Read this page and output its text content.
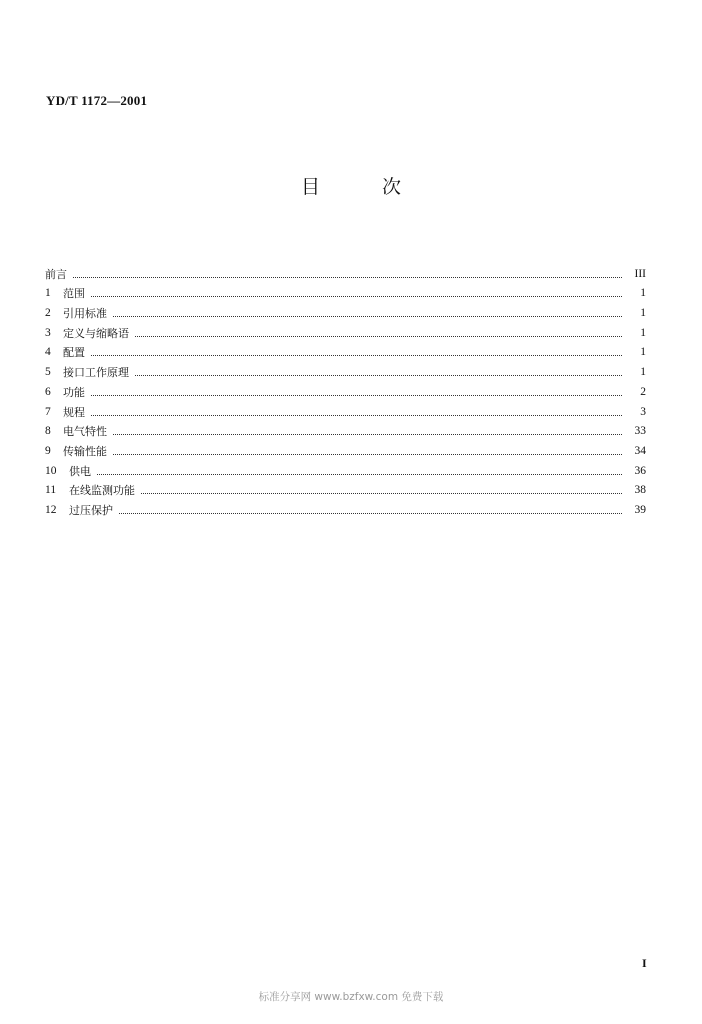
YD/T 1172—2001
目	次
前言	III
1	范围	1
2	引用标准	1
3	定义与缩略语	1
4	配置	1
5	接口工作原理	1
6	功能	2
7	规程	3
8	电气特性	33
9	传输性能	34
10	供电	36
11	在线监测功能	38
12	过压保护	39
I
标准分享网 www.bzfxw.com 免费下载
